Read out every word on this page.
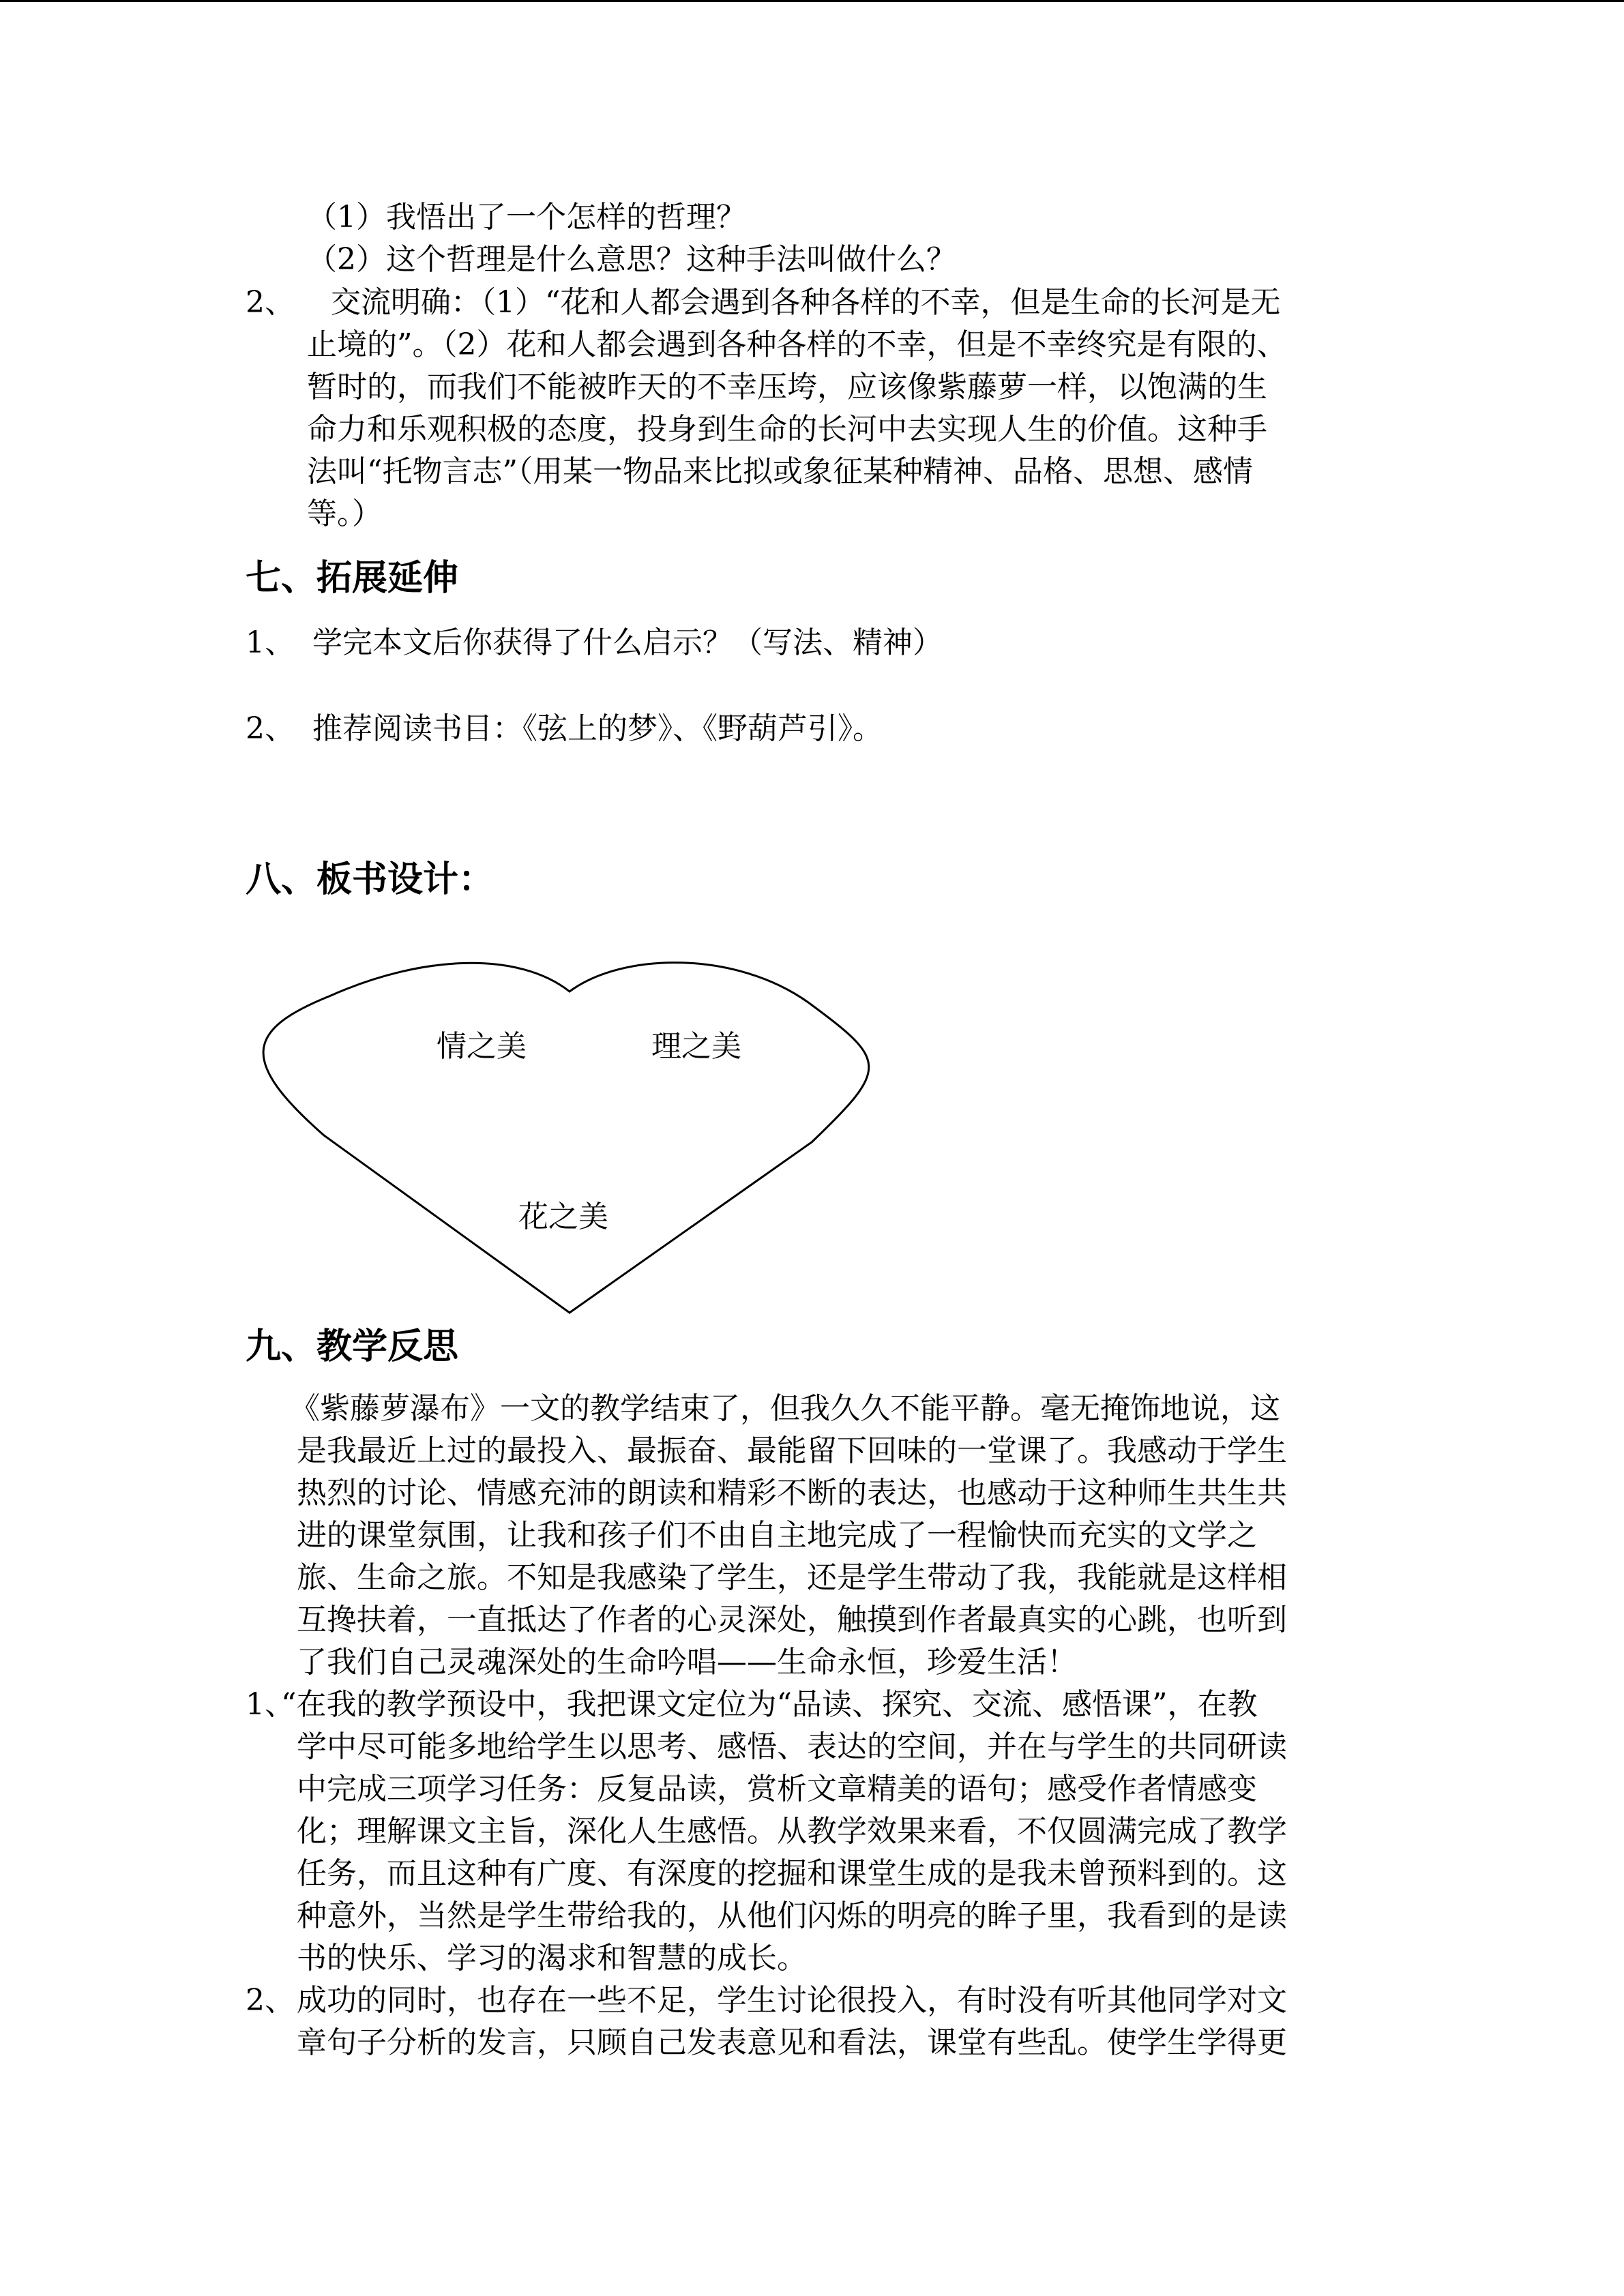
（1）我悟出了一个怎样的哲理？
（2）这个哲理是什么意思？这种手法叫做什么？
2、 交流明确：（1）“花和人都会遇到各种各样的不幸，但是生命的长河是无
止境的”。（2）花和人都会遇到各种各样的不幸，但是不幸终究是有限的、
暂时的，而我们不能被昨天的不幸压垮，应该像紫藤萝一样，以饱满的生
命力和乐观积极的态度，投身到生命的长河中去实现人生的价值。这种手
法叫“托物言志”（用某一物品来比拟或象征某种精神、品格、思想、感情
等。）
七、拓展延伸
1、 学完本文后你获得了什么启示？（写法、精神）
2、 推荐阅读书目：《弦上的梦》、《野葫芦引》。
八、板书设计：
情之美	理之美
花之美
九、教学反思
《紫藤萝瀑布》一文的教学结束了，但我久久不能平静。毫无掩饰地说，这
是我最近上过的最投入、最振奋、最能留下回味的一堂课了。我感动于学生
热烈的讨论、情感充沛的朗读和精彩不断的表达，也感动于这种师生共生共
进的课堂氛围，让我和孩子们不由自主地完成了一程愉快而充实的文学之
旅、生命之旅。不知是我感染了学生，还是学生带动了我，我能就是这样相
互搀扶着，一直抵达了作者的心灵深处，触摸到作者最真实的心跳，也听到
了我们自己灵魂深处的生命吟唱——生命永恒，珍爱生活！
1、
“在我的教学预设中，我把课文定位为“品读、探究、交流、感悟课”，在教
学中尽可能多地给学生以思考、感悟、表达的空间，并在与学生的共同研读
中完成三项学习任务：反复品读，赏析文章精美的语句；感受作者情感变
化；理解课文主旨，深化人生感悟。从教学效果来看，不仅圆满完成了教学
任务，而且这种有广度、有深度的挖掘和课堂生成的是我未曾预料到的。这
种意外，当然是学生带给我的，从他们闪烁的明亮的眸子里，我看到的是读
书的快乐、学习的渴求和智慧的成长。
2、 成功的同时，也存在一些不足，学生讨论很投入，有时没有听其他同学对文
章句子分析的发言，只顾自己发表意见和看法，课堂有些乱。使学生学得更
